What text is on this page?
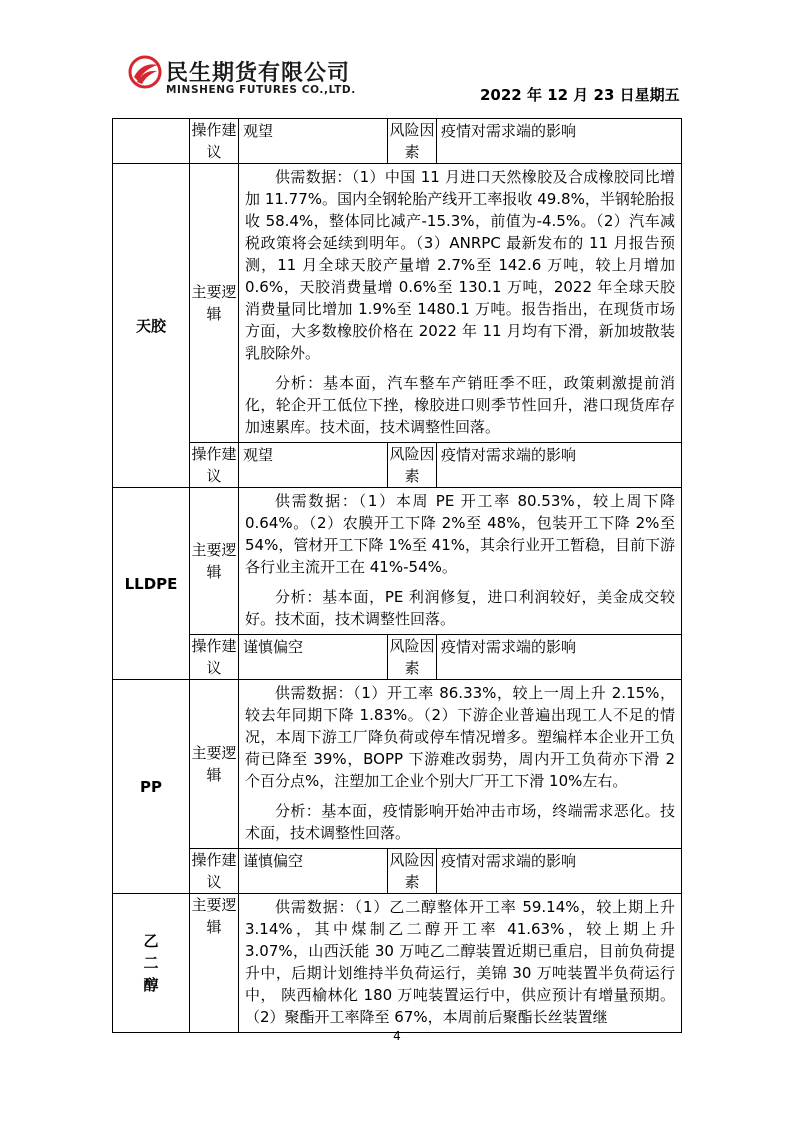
民生期货有限公司
MINSHENG FUTURES CO.,LTD.	2022 年 12 月 23 日星期五
	操作建议	观望	风险因素	疫情对需求端的影响
天胶	主要逻辑	供需数据：（1）中国 11 月进口天然橡胶及合成橡胶同比增加 11.77%。国内全钢轮胎产线开工率报收 49.8%，半钢轮胎报收 58.4%，整体同比减产-15.3%，前值为-4.5%。（2）汽车减税政策将会延续到明年。（3）ANRPC 最新发布的 11 月报告预测，11 月全球天胶产量增 2.7%至 142.6 万吨，较上月增加 0.6%，天胶消费量增 0.6%至 130.1 万吨，2022 年全球天胶消费量同比增加 1.9%至 1480.1 万吨。报告指出，在现货市场方面，大多数橡胶价格在 2022 年 11 月均有下滑，新加坡散装乳胶除外。

分析：基本面，汽车整车产销旺季不旺，政策刺激提前消化，轮企开工低位下挫，橡胶进口则季节性回升，港口现货库存加速累库。技术面，技术调整性回落。		

	操作建议	观望	风险因素	疫情对需求端的影响
LLDPE	主要逻辑	供需数据：（1）本周 PE 开工率 80.53%，较上周下降 0.64%。（2）农膜开工下降 2%至 48%，包装开工下降 2%至 54%，管材开工下降 1%至 41%，其余行业开工暂稳，目前下游各行业主流开工在 41%-54%。

分析：基本面，PE 利润修复，进口利润较好，美金成交较好。技术面，技术调整性回落。		

	操作建议	谨慎偏空	风险因素	疫情对需求端的影响
PP	主要逻辑	供需数据：（1）开工率 86.33%，较上一周上升 2.15%，较去年同期下降 1.83%。（2）下游企业普遍出现工人不足的情况，本周下游工厂降负荷或停车情况增多。塑编样本企业开工负荷已降至 39%，BOPP 下游难改弱势，周内开工负荷亦下滑 2 个百分点%，注塑加工企业个别大厂开工下滑 10%左右。

分析：基本面，疫情影响开始冲击市场，终端需求恶化。技术面，技术调整性回落。		

	操作建议	谨慎偏空	风险因素	疫情对需求端的影响
乙二醇	主要逻辑	供需数据：（1）乙二醇整体开工率 59.14%，较上期上升 3.14%，其中煤制乙二醇开工率 41.63%，较上期上升 3.07%，山西沃能 30 万吨乙二醇装置近期已重启，目前负荷提升中，后期计划维持半负荷运行，美锦 30 万吨装置半负荷运行中， 陕西榆林化 180 万吨装置运行中，供应预计有增量预期。（2）聚酯开工率降至 67%，本周前后聚酯长丝装置继		

4
